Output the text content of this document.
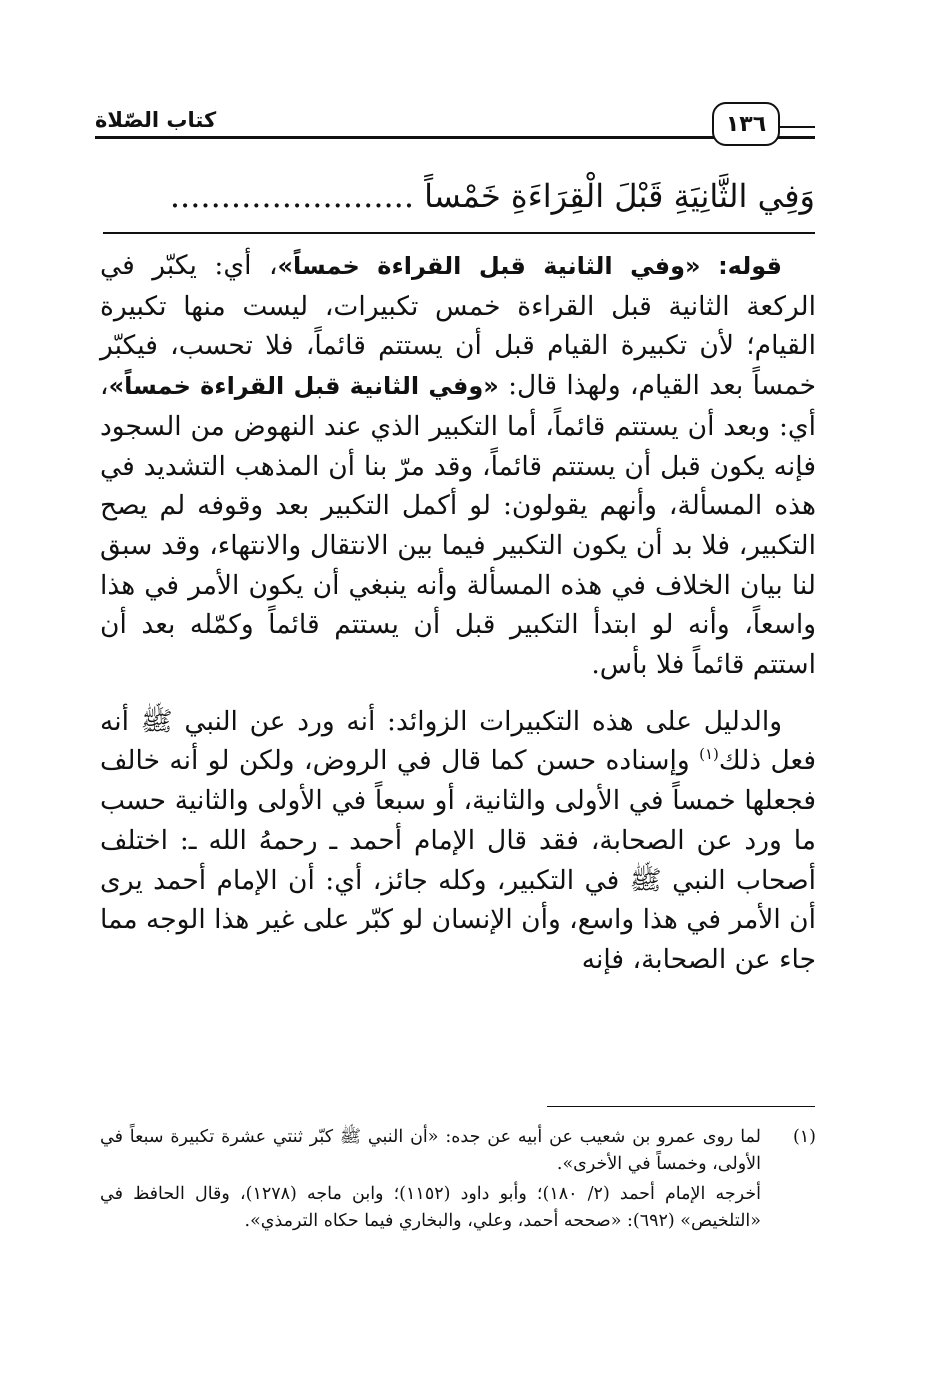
كتاب الصّلاة	١٣٦
وَفِي الثَّانِيَةِ قَبْلَ الْقِرَاءَةِ خَمْساً ........................

قوله: «وفي الثانية قبل القراءة خمساً»، أي: يكبّر في الركعة الثانية قبل القراءة خمس تكبيرات، ليست منها تكبيرة القيام؛ لأن تكبيرة القيام قبل أن يستتم قائماً، فلا تحسب، فيكبّر خمساً بعد القيام، ولهذا قال: «وفي الثانية قبل القراءة خمساً»، أي: وبعد أن يستتم قائماً، أما التكبير الذي عند النهوض من السجود فإنه يكون قبل أن يستتم قائماً، وقد مرّ بنا أن المذهب التشديد في هذه المسألة، وأنهم يقولون: لو أكمل التكبير بعد وقوفه لم يصح التكبير، فلا بد أن يكون التكبير فيما بين الانتقال والانتهاء، وقد سبق لنا بيان الخلاف في هذه المسألة وأنه ينبغي أن يكون الأمر في هذا واسعاً، وأنه لو ابتدأ التكبير قبل أن يستتم قائماً وكمّله بعد أن استتم قائماً فلا بأس.

والدليل على هذه التكبيرات الزوائد: أنه ورد عن النبي ﷺ أنه فعل ذلك$^{(١)}$ وإسناده حسن كما قال في الروض، ولكن لو أنه خالف فجعلها خمساً في الأولى والثانية، أو سبعاً في الأولى والثانية حسب ما ورد عن الصحابة، فقد قال الإمام أحمد ـ رحمهُ الله ـ: اختلف أصحاب النبي ﷺ في التكبير، وكله جائز، أي: أن الإمام أحمد يرى أن الأمر في هذا واسع، وأن الإنسان لو كبّر على غير هذا الوجه مما جاء عن الصحابة، فإنه

(١)

لما روى عمرو بن شعيب عن أبيه عن جده: «أن النبي ﷺ كبّر ثنتي عشرة تكبيرة سبعاً في الأولى، وخمساً في الأخرى».

أخرجه الإمام أحمد (٢/ ١٨٠)؛ وأبو داود (١١٥٢)؛ وابن ماجه (١٢٧٨)، وقال الحافظ في «التلخيص» (٦٩٢): «صححه أحمد، وعلي، والبخاري فيما حكاه الترمذي».
